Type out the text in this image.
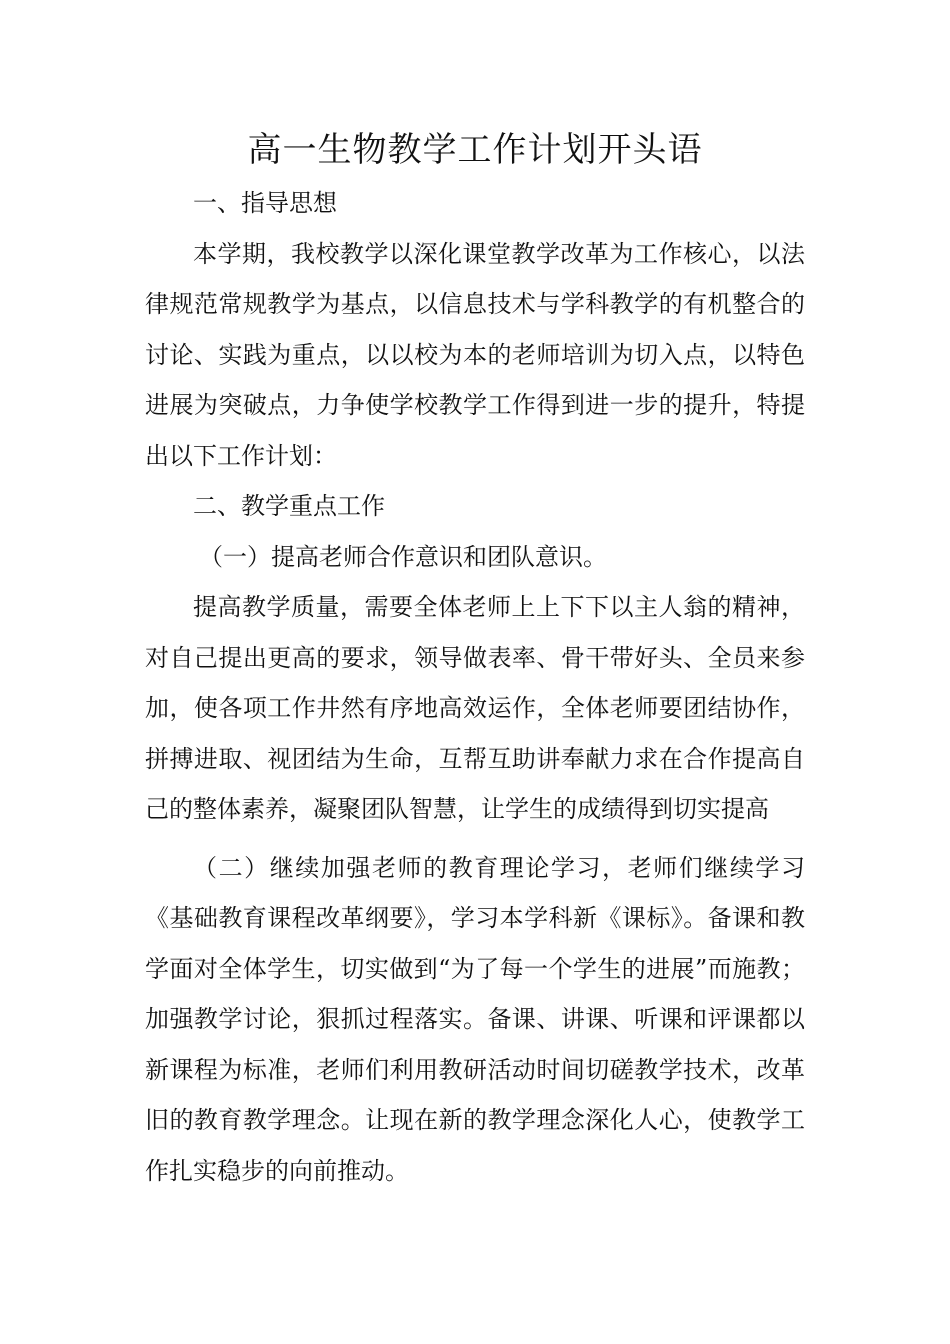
高一生物教学工作计划开头语

一、指导思想

本学期，我校教学以深化课堂教学改革为工作核心，以法律规范常规教学为基点，以信息技术与学科教学的有机整合的讨论、实践为重点，以以校为本的老师培训为切入点，以特色进展为突破点，力争使学校教学工作得到进一步的提升，特提出以下工作计划：

二、教学重点工作

（一）提高老师合作意识和团队意识。

提高教学质量，需要全体老师上上下下以主人翁的精神，对自己提出更高的要求，领导做表率、骨干带好头、全员来参加，使各项工作井然有序地高效运作，全体老师要团结协作，拼搏进取、视团结为生命，互帮互助讲奉献力求在合作提高自己的整体素养，凝聚团队智慧，让学生的成绩得到切实提高

（二）继续加强老师的教育理论学习，老师们继续学习《基础教育课程改革纲要》，学习本学科新《课标》。备课和教学面对全体学生，切实做到“为了每一个学生的进展”而施教；加强教学讨论，狠抓过程落实。备课、讲课、听课和评课都以新课程为标准，老师们利用教研活动时间切磋教学技术，改革旧的教育教学理念。让现在新的教学理念深化人心，使教学工作扎实稳步的向前推动。
